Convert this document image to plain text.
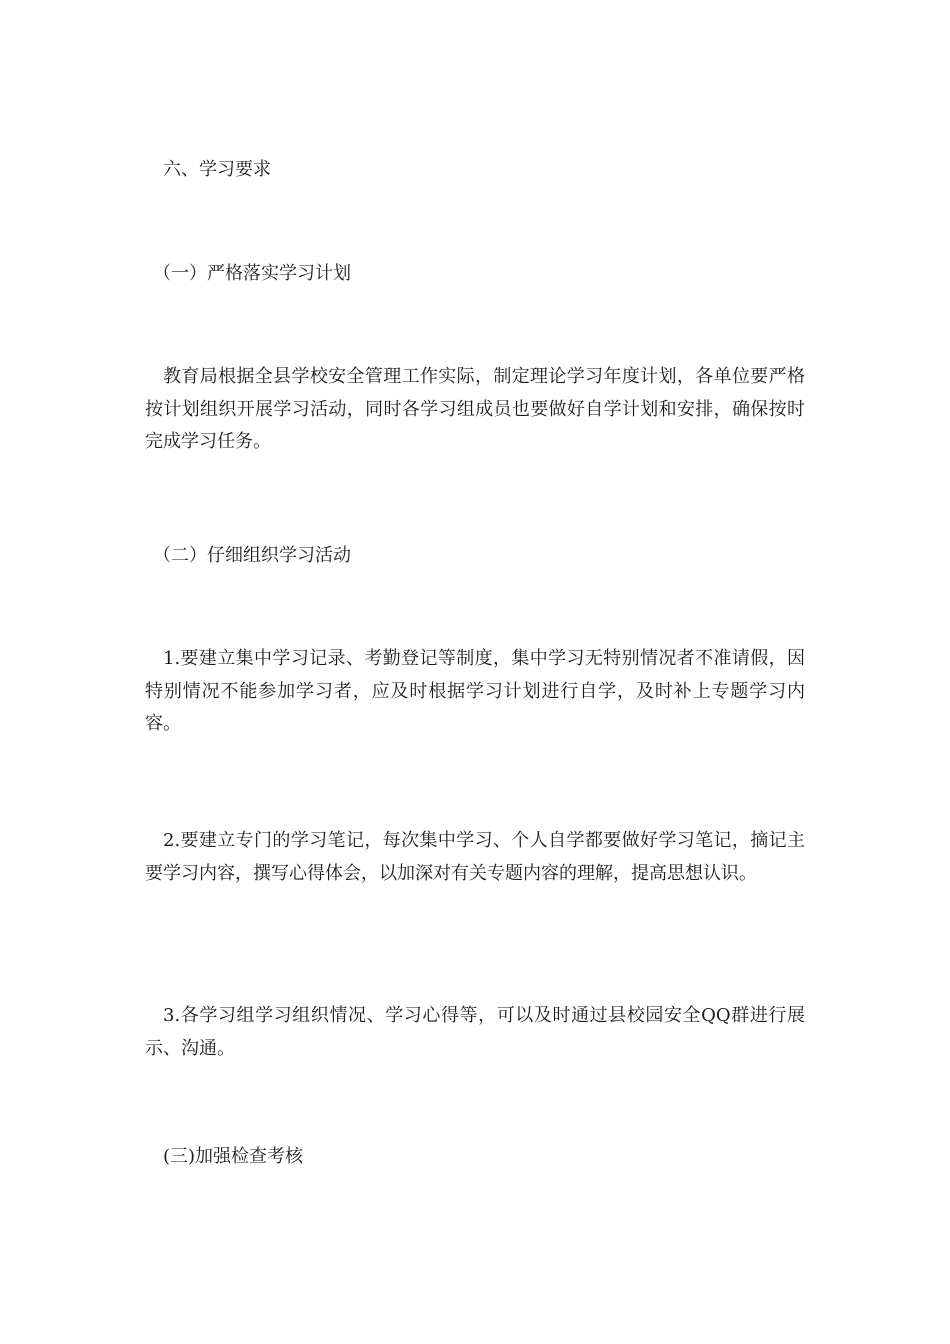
六、学习要求

（一）严格落实学习计划

教育局根据全县学校安全管理工作实际，制定理论学习年度计划，各单位要严格按计划组织开展学习活动，同时各学习组成员也要做好自学计划和安排，确保按时完成学习任务。

（二）仔细组织学习活动

1.要建立集中学习记录、考勤登记等制度，集中学习无特别情况者不准请假，因特别情况不能参加学习者，应及时根据学习计划进行自学，及时补上专题学习内容。

2.要建立专门的学习笔记，每次集中学习、个人自学都要做好学习笔记，摘记主要学习内容，撰写心得体会，以加深对有关专题内容的理解，提高思想认识。

3.各学习组学习组织情况、学习心得等，可以及时通过县校园安全QQ群进行展示、沟通。

(三)加强检查考核
